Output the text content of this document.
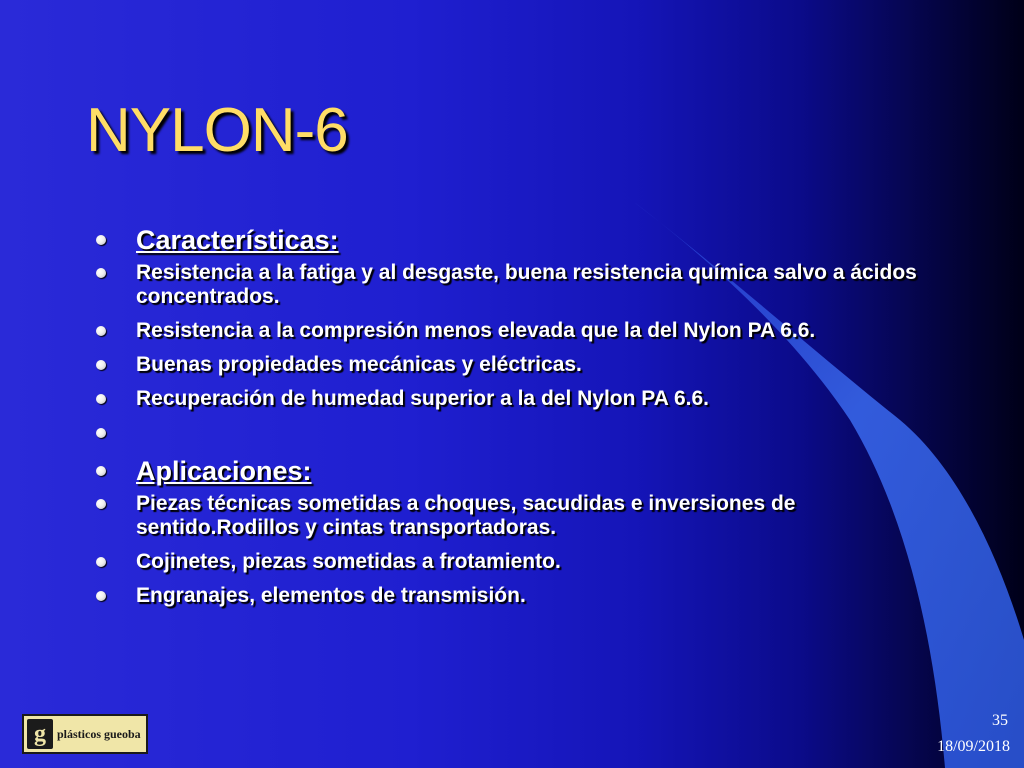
NYLON-6
Características:
Resistencia a la fatiga y al desgaste, buena resistencia química salvo a ácidos concentrados.
Resistencia a la compresión menos elevada que la del Nylon PA 6.6.
Buenas propiedades mecánicas y eléctricas.
Recuperación de humedad superior a la del Nylon PA 6.6.
Aplicaciones:
Piezas técnicas sometidas a choques, sacudidas e inversiones de sentido.Rodillos y cintas transportadoras.
Cojinetes, piezas sometidas a frotamiento.
Engranajes, elementos de transmisión.
g plásticos gueoba
35
18/09/2018
